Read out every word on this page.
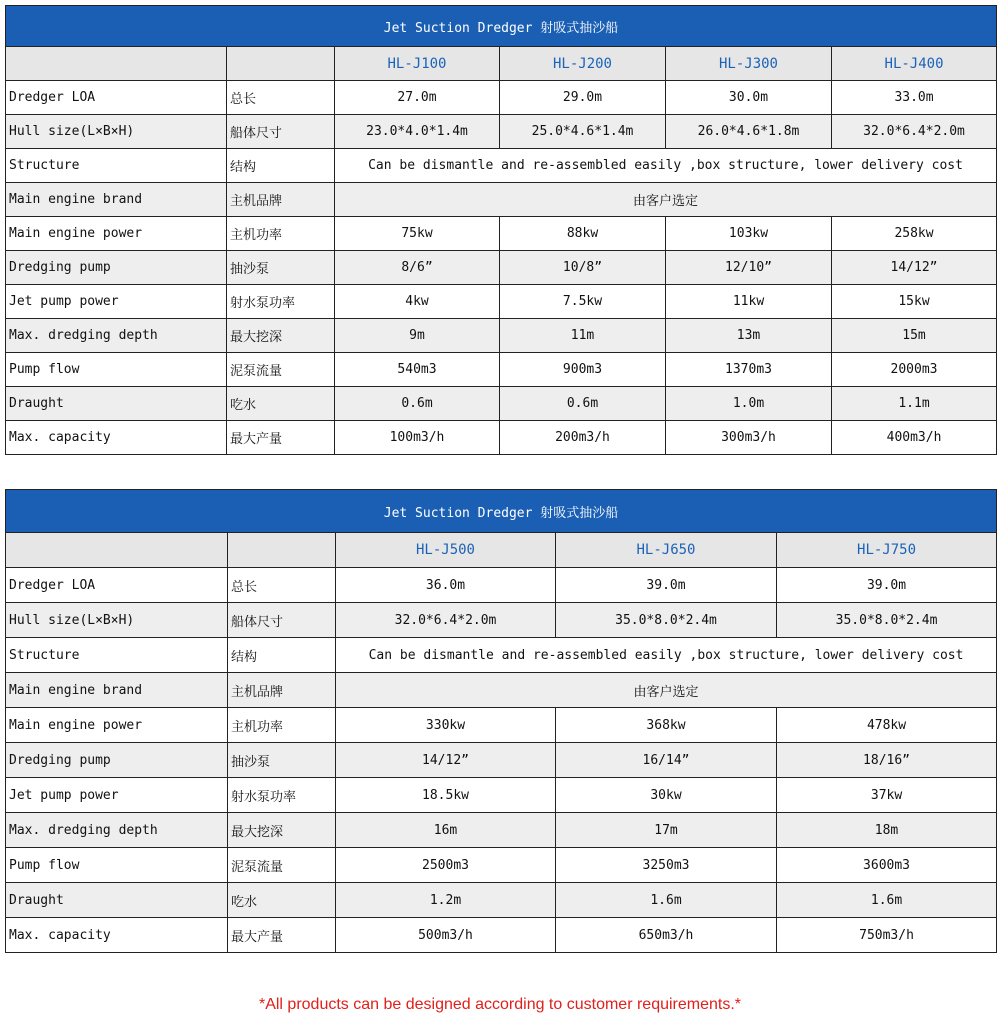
Jet Suction Dredger 射吸式抽沙船					
		HL-J100	HL-J200	HL-J300	HL-J400
Dredger LOA	总长	27.0m	29.0m	30.0m	33.0m
Hull size(L×B×H)	船体尺寸	23.0*4.0*1.4m	25.0*4.6*1.4m	26.0*4.6*1.8m	32.0*6.4*2.0m
Structure	结构	Can be dismantle and re-assembled easily ,box structure, lower delivery cost			
Main engine brand	主机品牌	由客户选定			
Main engine power	主机功率	75kw	88kw	103kw	258kw
Dredging pump	抽沙泵	8/6”	10/8”	12/10”	14/12”
Jet pump power	射水泵功率	4kw	7.5kw	11kw	15kw
Max. dredging depth	最大挖深	9m	11m	13m	15m
Pump flow	泥泵流量	540m3	900m3	1370m3	2000m3
Draught	吃水	0.6m	0.6m	1.0m	1.1m
Max. capacity	最大产量	100m3/h	200m3/h	300m3/h	400m3/h
Jet Suction Dredger 射吸式抽沙船				
		HL-J500	HL-J650	HL-J750
Dredger LOA	总长	36.0m	39.0m	39.0m
Hull size(L×B×H)	船体尺寸	32.0*6.4*2.0m	35.0*8.0*2.4m	35.0*8.0*2.4m
Structure	结构	Can be dismantle and re-assembled easily ,box structure, lower delivery cost		
Main engine brand	主机品牌	由客户选定		
Main engine power	主机功率	330kw	368kw	478kw
Dredging pump	抽沙泵	14/12”	16/14”	18/16”
Jet pump power	射水泵功率	18.5kw	30kw	37kw
Max. dredging depth	最大挖深	16m	17m	18m
Pump flow	泥泵流量	2500m3	3250m3	3600m3
Draught	吃水	1.2m	1.6m	1.6m
Max. capacity	最大产量	500m3/h	650m3/h	750m3/h
*All products can be designed according to customer requirements.*
